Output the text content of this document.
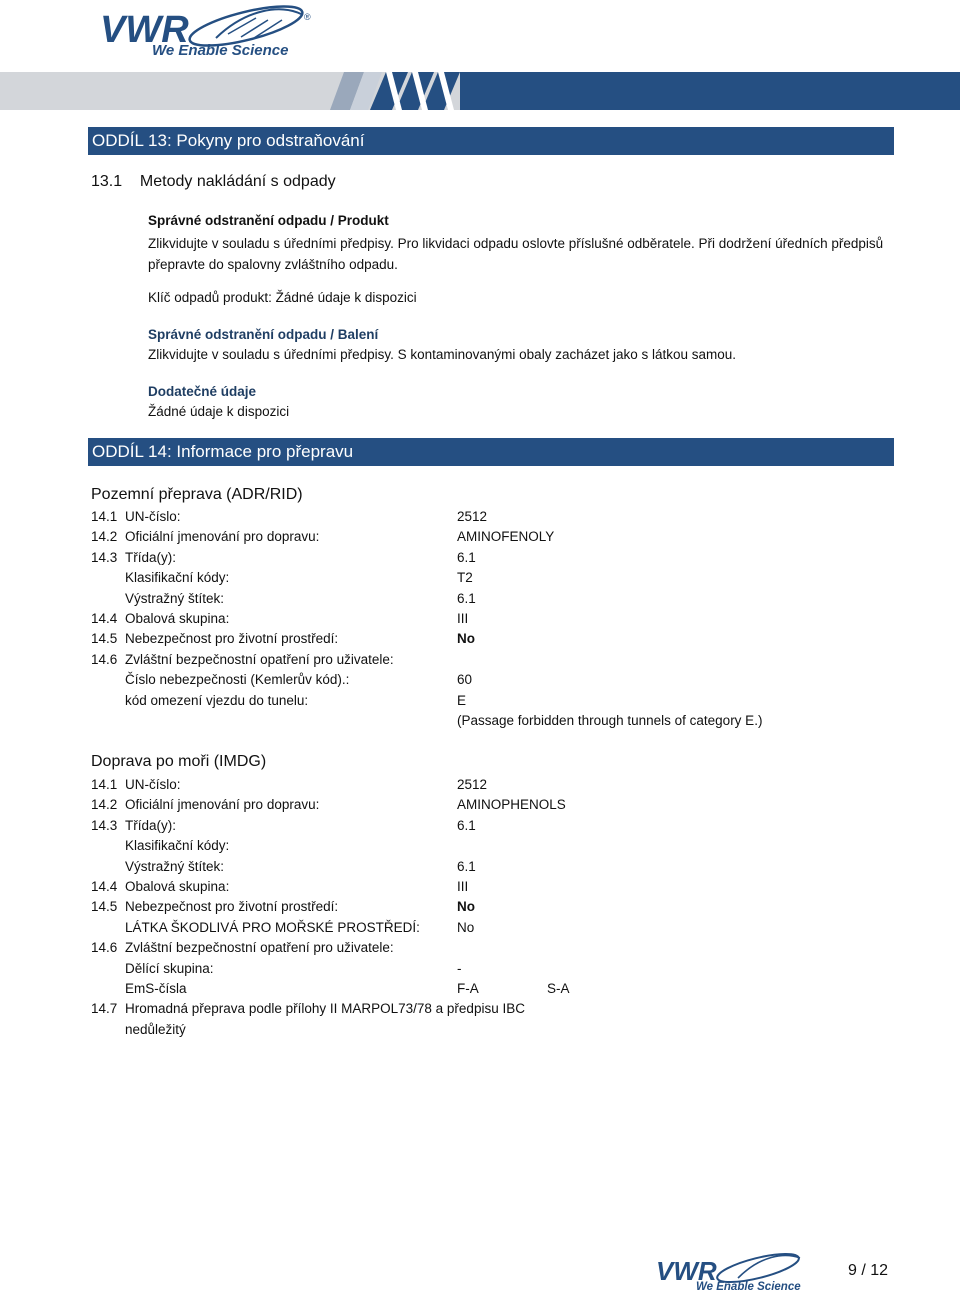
VWR	®
We Enable Science
ODDÍL 13: Pokyny pro odstraňování
13.1    Metody nakládání s odpady
Správné odstranění odpadu / Produkt
Zlikvidujte v souladu s úředními předpisy. Pro likvidaci odpadu oslovte příslušné odběratele. Při dodržení úředních předpisů přepravte do spalovny zvláštního odpadu.
Klíč odpadů produkt: Žádné údaje k dispozici
Správné odstranění odpadu / Balení
Zlikvidujte v souladu s úředními předpisy. S kontaminovanými obaly zacházet jako s látkou samou.
Dodatečné údaje
Žádné údaje k dispozici
ODDÍL 14: Informace pro přepravu
Pozemní přeprava (ADR/RID)
14.1 UN-číslo:	2512
14.2 Oficiální jmenování pro dopravu:	AMINOFENOLY
14.3 Třída(y):	6.1
Klasifikační kódy:	T2
Výstražný štítek:	6.1
14.4 Obalová skupina:	III
14.5 Nebezpečnost pro životní prostředí:	No
14.6 Zvláštní bezpečnostní opatření pro uživatele:
Číslo nebezpečnosti (Kemlerův kód).:	60
kód omezení vjezdu do tunelu:	E
(Passage forbidden through tunnels of category E.)
Doprava po moři (IMDG)
14.1 UN-číslo:	2512
14.2 Oficiální jmenování pro dopravu:	AMINOPHENOLS
14.3 Třída(y):	6.1
Klasifikační kódy:
Výstražný štítek:	6.1
14.4 Obalová skupina:	III
14.5 Nebezpečnost pro životní prostředí:	No
LÁTKA ŠKODLIVÁ PRO MOŘSKÉ PROSTŘEDÍ:	No
14.6 Zvláštní bezpečnostní opatření pro uživatele:
Dělící skupina:	-
EmS-čísla	F-A	S-A
14.7 Hromadná přeprava podle přílohy II MARPOL73/78 a předpisu IBC
nedůležitý
VWR
We Enable Science
9 / 12
